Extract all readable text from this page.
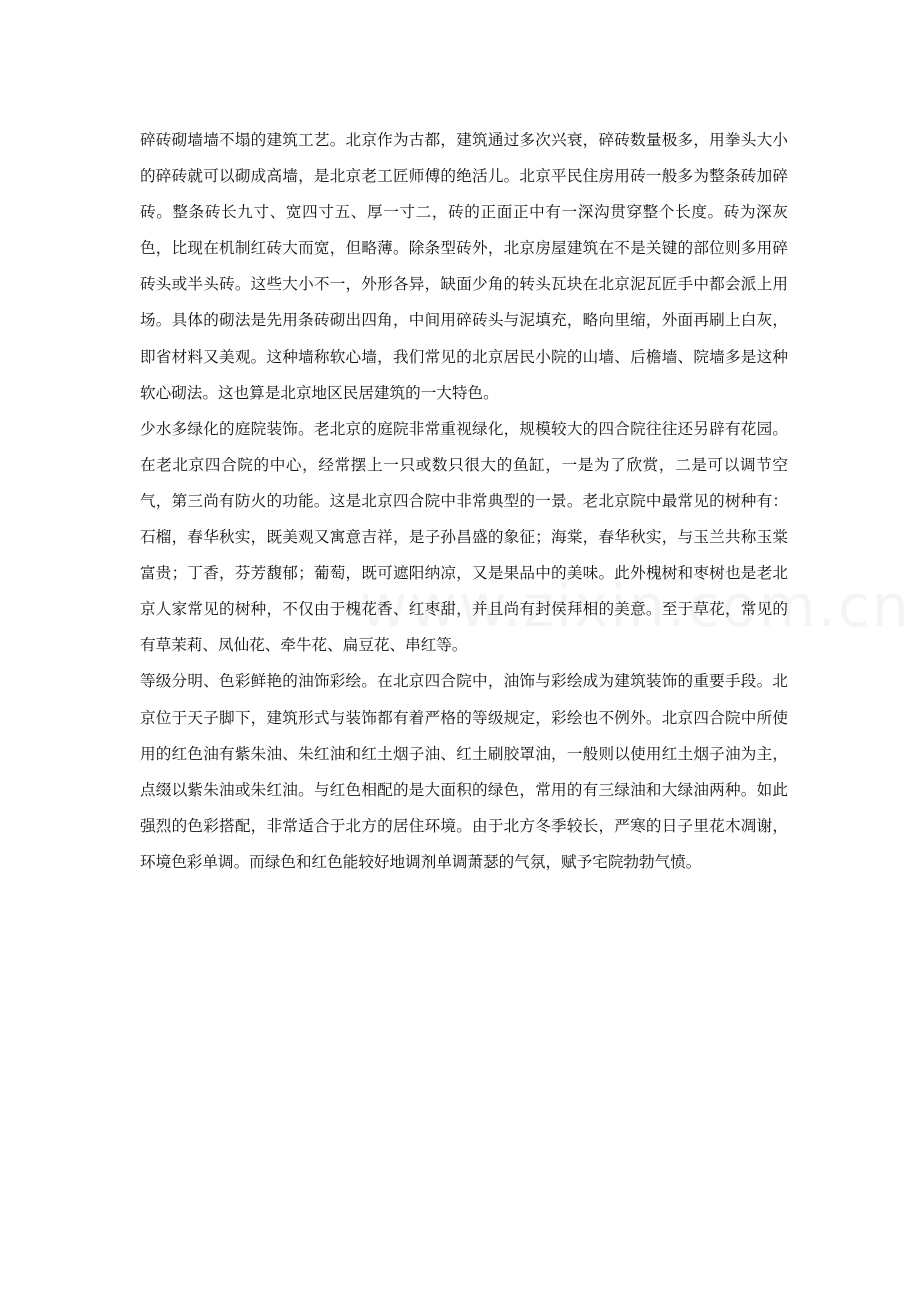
碎砖砌墙墙不塌的建筑工艺。北京作为古都，建筑通过多次兴衰，碎砖数量极多，用拳头大小的碎砖就可以砌成高墙，是北京老工匠师傅的绝活儿。北京平民住房用砖一般多为整条砖加碎砖。整条砖长九寸、宽四寸五、厚一寸二，砖的正面正中有一深沟贯穿整个长度。砖为深灰色，比现在机制红砖大而宽，但略薄。除条型砖外，北京房屋建筑在不是关键的部位则多用碎砖头或半头砖。这些大小不一，外形各异，缺面少角的转头瓦块在北京泥瓦匠手中都会派上用场。具体的砌法是先用条砖砌出四角，中间用碎砖头与泥填充，略向里缩，外面再刷上白灰，即省材料又美观。这种墙称软心墙，我们常见的北京居民小院的山墙、后檐墙、院墙多是这种软心砌法。这也算是北京地区民居建筑的一大特色。

少水多绿化的庭院装饰。老北京的庭院非常重视绿化，规模较大的四合院往往还另辟有花园。在老北京四合院的中心，经常摆上一只或数只很大的鱼缸，一是为了欣赏，二是可以调节空气，第三尚有防火的功能。这是北京四合院中非常典型的一景。老北京院中最常见的树种有：石榴，春华秋实，既美观又寓意吉祥，是子孙昌盛的象征；海棠，春华秋实，与玉兰共称玉棠富贵；丁香，芬芳馥郁；葡萄，既可遮阳纳凉，又是果品中的美味。此外槐树和枣树也是老北京人家常见的树种，不仅由于槐花香、红枣甜，并且尚有封侯拜相的美意。至于草花，常见的有草茉莉、凤仙花、牵牛花、扁豆花、串红等。

等级分明、色彩鲜艳的油饰彩绘。在北京四合院中，油饰与彩绘成为建筑装饰的重要手段。北京位于天子脚下，建筑形式与装饰都有着严格的等级规定，彩绘也不例外。北京四合院中所使用的红色油有紫朱油、朱红油和红土烟子油、红土刷胶罩油，一般则以使用红土烟子油为主，点缀以紫朱油或朱红油。与红色相配的是大面积的绿色，常用的有三绿油和大绿油两种。如此强烈的色彩搭配，非常适合于北方的居住环境。由于北方冬季较长，严寒的日子里花木凋谢，环境色彩单调。而绿色和红色能较好地调剂单调萧瑟的气氛，赋予宅院勃勃气愤。
